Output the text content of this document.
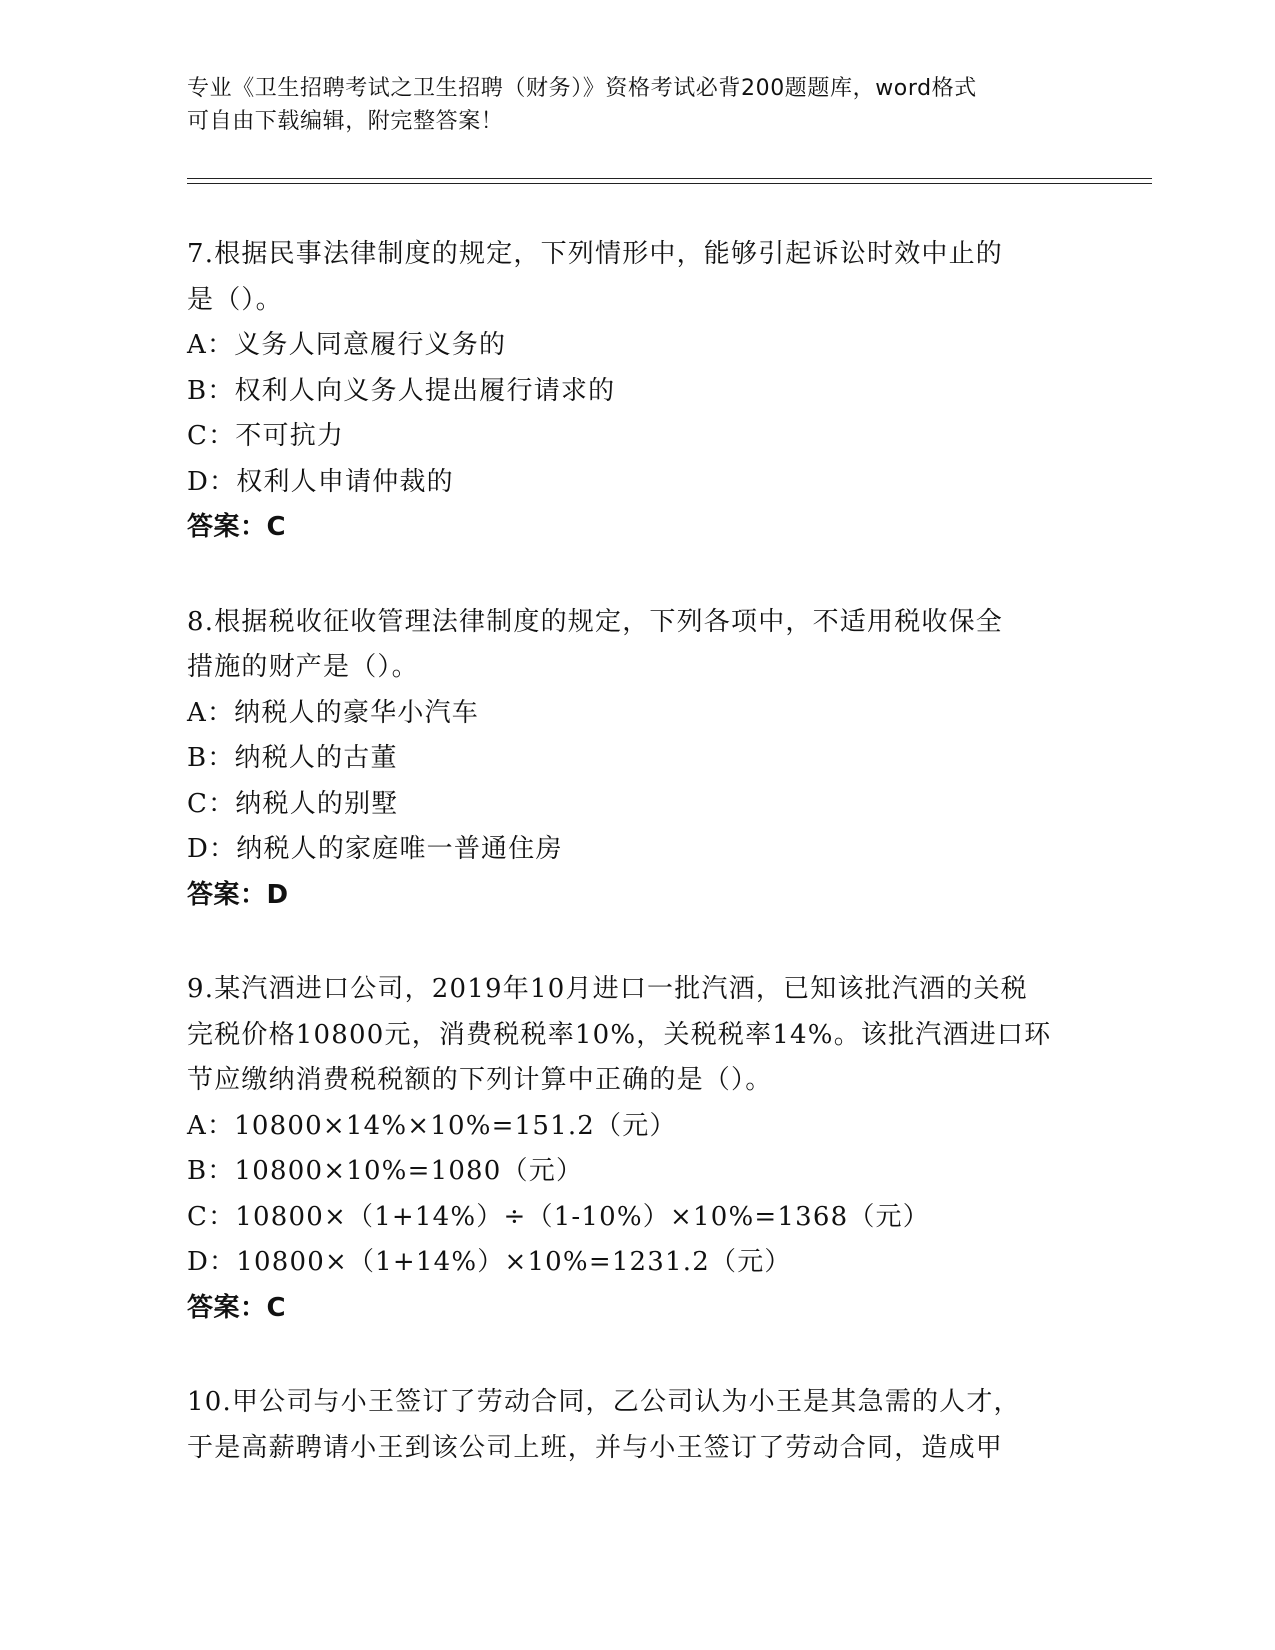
专业《卫生招聘考试之卫生招聘（财务）》资格考试必背200题题库，word格式
可自由下载编辑，附完整答案！
7.根据民事法律制度的规定，下列情形中，能够引起诉讼时效中止的
是（）。
A：义务人同意履行义务的
B：权利人向义务人提出履行请求的
C：不可抗力
D：权利人申请仲裁的
答案：C
8.根据税收征收管理法律制度的规定，下列各项中，不适用税收保全
措施的财产是（）。
A：纳税人的豪华小汽车
B：纳税人的古董
C：纳税人的别墅
D：纳税人的家庭唯一普通住房
答案：D
9.某汽酒进口公司，2019年10月进口一批汽酒，已知该批汽酒的关税
完税价格10800元，消费税税率10%，关税税率14%。该批汽酒进口环
节应缴纳消费税税额的下列计算中正确的是（）。
A：10800×14%×10%=151.2（元）
B：10800×10%=1080（元）
C：10800×（1+14%）÷（1-10%）×10%=1368（元）
D：10800×（1+14%）×10%=1231.2（元）
答案：C
10.甲公司与小王签订了劳动合同，乙公司认为小王是其急需的人才，
于是高薪聘请小王到该公司上班，并与小王签订了劳动合同，造成甲
